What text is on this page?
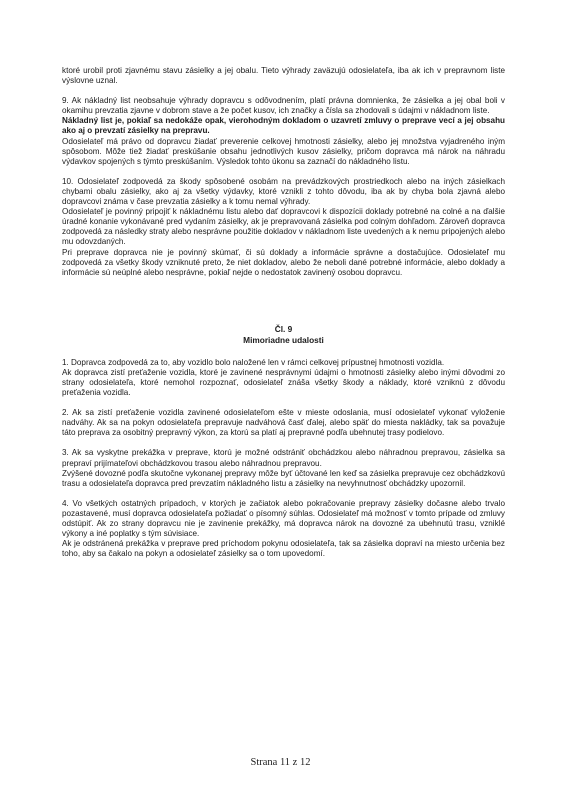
ktoré urobil proti zjavnému stavu zásielky a jej obalu. Tieto výhrady zaväzujú odosielateľa, iba ak ich v prepravnom liste výslovne uznal.

9. Ak nákladný list neobsahuje výhrady dopravcu s odôvodnením, platí právna domnienka, že zásielka a jej obal boli v okamihu prevzatia zjavne v dobrom stave a že počet kusov, ich značky a čísla sa zhodovali s údajmi v nákladnom liste.

Nákladný list je, pokiaľ sa nedokáže opak, vierohodným dokladom o uzavretí zmluvy o preprave vecí a jej obsahu ako aj o prevzatí zásielky na prepravu.

Odosielateľ má právo od dopravcu žiadať preverenie celkovej hmotnosti zásielky, alebo jej množstva vyjadreného iným spôsobom. Môže tiež žiadať preskúšanie obsahu jednotlivých kusov zásielky, pričom dopravca má nárok na náhradu výdavkov spojených s týmto preskúšaním. Výsledok tohto úkonu sa zaznačí do nákladného listu.

10. Odosielateľ zodpovedá za škody spôsobené osobám na prevádzkových prostriedkoch alebo na iných zásielkach chybami obalu zásielky, ako aj za všetky výdavky, ktoré vznikli z tohto dôvodu, iba ak by chyba bola zjavná alebo dopravcovi známa v čase prevzatia zásielky a k tomu nemal výhrady.

Odosielateľ je povinný pripojiť k nákladnému listu alebo dať dopravcovi k dispozícii doklady potrebné na colné a na ďalšie úradné konanie vykonávané pred vydaním zásielky, ak je prepravovaná zásielka pod colným dohľadom. Zároveň dopravca zodpovedá za následky straty alebo nesprávne použitie dokladov v nákladnom liste uvedených a k nemu pripojených alebo mu odovzdaných.

Pri preprave dopravca nie je povinný skúmať, či sú doklady a informácie správne a dostačujúce. Odosielateľ mu zodpovedá za všetky škody vzniknuté preto, že niet dokladov, alebo že neboli dané potrebné informácie, alebo doklady a informácie sú neúplné alebo nesprávne, pokiaľ nejde o nedostatok zavinený osobou dopravcu.

Čl. 9

Mimoriadne udalosti

1. Dopravca zodpovedá za to, aby vozidlo bolo naložené len v rámci celkovej prípustnej hmotnosti vozidla.

Ak dopravca zistí preťaženie vozidla, ktoré je zavinené nesprávnymi údajmi o hmotnosti zásielky alebo inými dôvodmi zo strany odosielateľa, ktoré nemohol rozpoznať, odosielateľ znáša všetky škody a náklady, ktoré vzniknú z dôvodu preťaženia vozidla.

2. Ak sa zistí preťaženie vozidla zavinené odosielateľom ešte v mieste odoslania, musí odosielateľ vykonať vyloženie nadváhy. Ak sa na pokyn odosielateľa prepravuje nadváhová časť ďalej, alebo späť do miesta nakládky, tak sa považuje táto preprava za osobitný prepravný výkon, za ktorú sa platí aj prepravné podľa ubehnutej trasy podielovo.

3. Ak sa vyskytne prekážka v preprave, ktorú je možné odstrániť obchádzkou alebo náhradnou prepravou, zásielka sa prepraví prijímateľovi obchádzkovou trasou alebo náhradnou prepravou.

Zvýšené dovozné podľa skutočne vykonanej prepravy môže byť účtované len keď sa zásielka prepravuje cez obchádzkovú trasu a odosielateľa dopravca pred prevzatím nákladného listu a zásielky na nevyhnutnosť obchádzky upozornil.

4. Vo všetkých ostatných prípadoch, v ktorých je začiatok alebo pokračovanie prepravy zásielky dočasne alebo trvalo pozastavené, musí dopravca odosielateľa požiadať o písomný súhlas. Odosielateľ má možnosť v tomto prípade od zmluvy odstúpiť. Ak zo strany dopravcu nie je zavinenie prekážky, má dopravca nárok na dovozné za ubehnutú trasu, vzniklé výkony a iné poplatky s tým súvisiace.

Ak je odstránená prekážka v preprave pred príchodom pokynu odosielateľa, tak sa zásielka dopraví na miesto určenia bez toho, aby sa čakalo na pokyn a odosielateľ zásielky sa o tom upovedomí.

Strana 11 z 12
